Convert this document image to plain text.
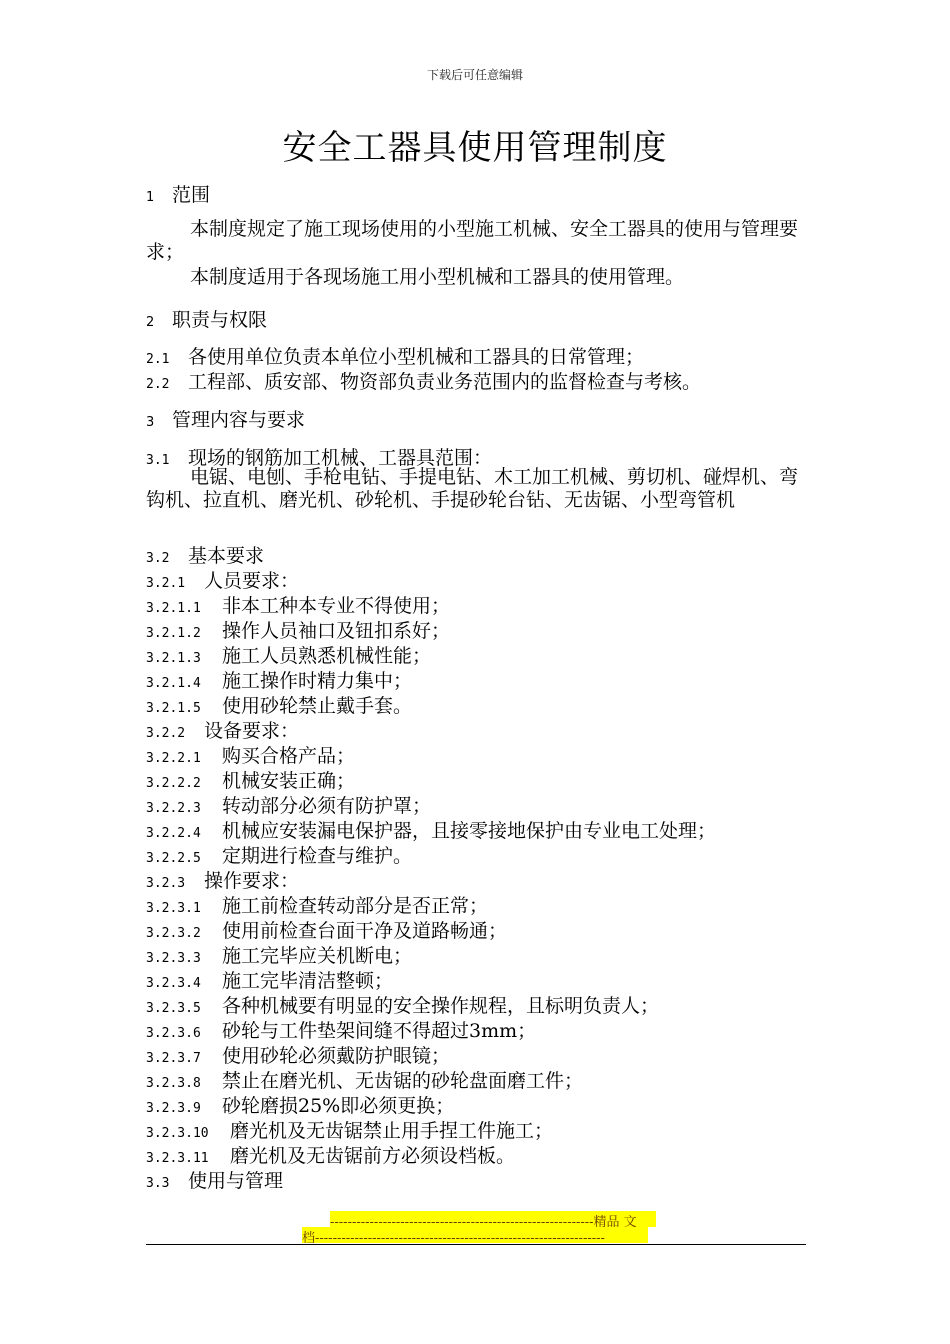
下载后可任意编辑
安全工器具使用管理制度
1 范围
本制度规定了施工现场使用的小型施工机械、安全工器具的使用与管理要求；
本制度适用于各现场施工用小型机械和工器具的使用管理。
2 职责与权限
2.1 各使用单位负责本单位小型机械和工器具的日常管理；
2.2 工程部、质安部、物资部负责业务范围内的监督检查与考核。
3 管理内容与要求
3.1 现场的钢筋加工机械、工器具范围：
电锯、电刨、手枪电钻、手提电钻、木工加工机械、剪切机、碰焊机、弯钩机、拉直机、磨光机、砂轮机、手提砂轮台钻、无齿锯、小型弯管机
3.2 基本要求
3.2.1 人员要求：
3.2.1.1 非本工种本专业不得使用；
3.2.1.2 操作人员袖口及钮扣系好；
3.2.1.3 施工人员熟悉机械性能；
3.2.1.4 施工操作时精力集中；
3.2.1.5 使用砂轮禁止戴手套。
3.2.2 设备要求：
3.2.2.1 购买合格产品；
3.2.2.2 机械安装正确；
3.2.2.3 转动部分必须有防护罩；
3.2.2.4 机械应安装漏电保护器，且接零接地保护由专业电工处理；
3.2.2.5 定期进行检查与维护。
3.2.3 操作要求：
3.2.3.1 施工前检查转动部分是否正常；
3.2.3.2 使用前检查台面干净及道路畅通；
3.2.3.3 施工完毕应关机断电；
3.2.3.4 施工完毕清洁整顿；
3.2.3.5 各种机械要有明显的安全操作规程，且标明负责人；
3.2.3.6 砂轮与工件垫架间缝不得超过3mm；
3.2.3.7 使用砂轮必须戴防护眼镜；
3.2.3.8 禁止在磨光机、无齿锯的砂轮盘面磨工件；
3.2.3.9 砂轮磨损25%即必须更换；
3.2.3.10 磨光机及无齿锯禁止用手捏工件施工；
3.2.3.11 磨光机及无齿锯前方必须设档板。
3.3 使用与管理
------------------------------------------------------------精品 文
档------------------------------------------------------------------
